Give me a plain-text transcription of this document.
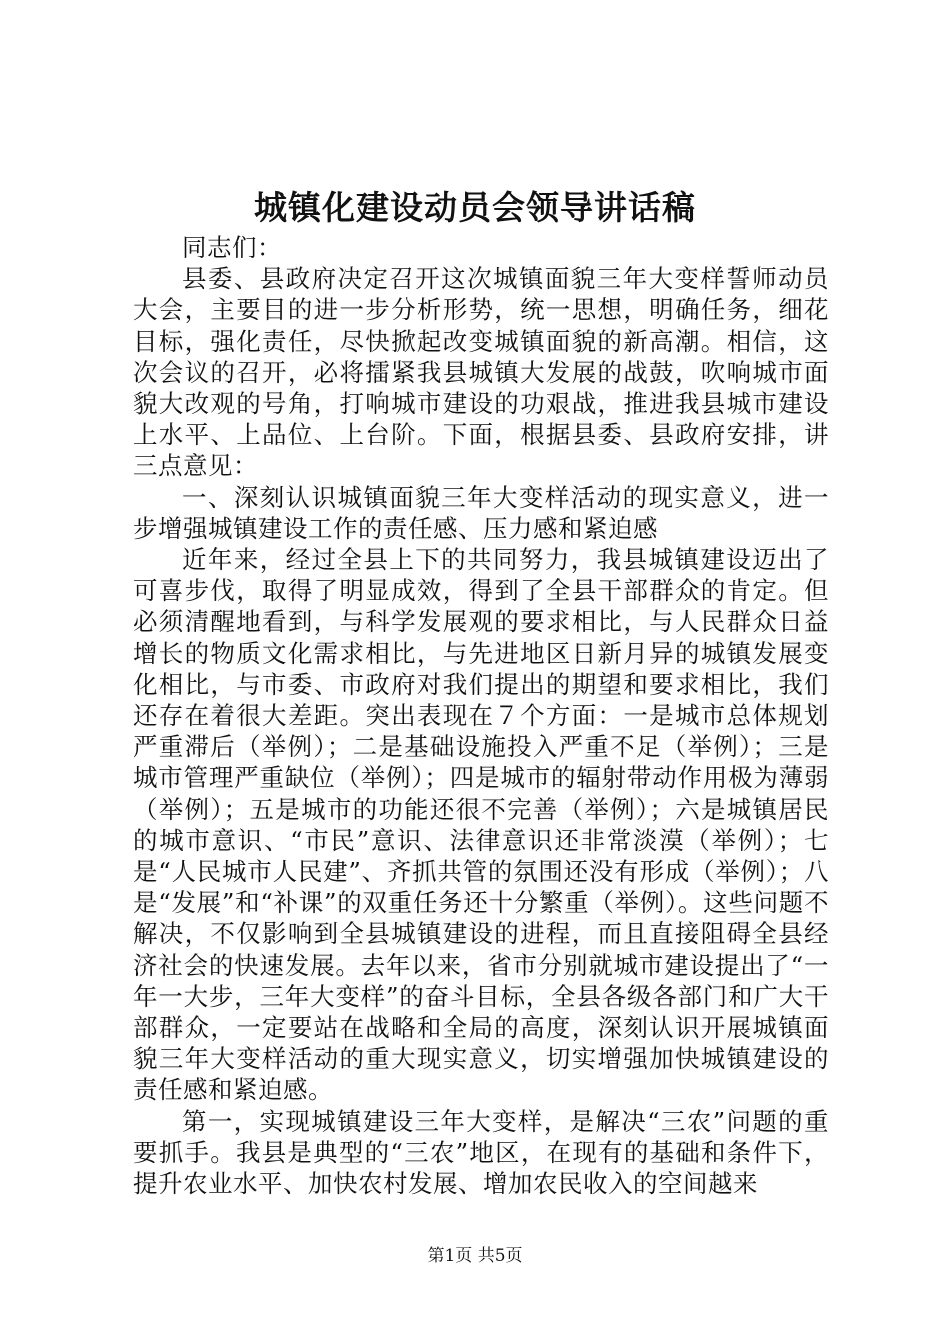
城镇化建设动员会领导讲话稿

同志们：

县委、县政府决定召开这次城镇面貌三年大变样誓师动员大会，主要目的进一步分析形势，统一思想，明确任务，细花目标，强化责任，尽快掀起改变城镇面貌的新高潮。相信，这次会议的召开，必将擂紧我县城镇大发展的战鼓，吹响城市面貌大改观的号角，打响城市建设的功艰战，推进我县城市建设上水平、上品位、上台阶。下面，根据县委、县政府安排，讲三点意见：

一、深刻认识城镇面貌三年大变样活动的现实意义，进一步增强城镇建设工作的责任感、压力感和紧迫感

近年来，经过全县上下的共同努力，我县城镇建设迈出了可喜步伐，取得了明显成效，得到了全县干部群众的肯定。但必须清醒地看到，与科学发展观的要求相比，与人民群众日益增长的物质文化需求相比，与先进地区日新月异的城镇发展变化相比，与市委、市政府对我们提出的期望和要求相比，我们还存在着很大差距。突出表现在７个方面：一是城市总体规划严重滞后（举例）；二是基础设施投入严重不足（举例）；三是城市管理严重缺位（举例）；四是城市的辐射带动作用极为薄弱（举例）；五是城市的功能还很不完善（举例）；六是城镇居民的城市意识、“市民”意识、法律意识还非常淡漠（举例）；七是“人民城市人民建”、齐抓共管的氛围还没有形成（举例）；八是“发展”和“补课”的双重任务还十分繁重（举例）。这些问题不解决，不仅影响到全县城镇建设的进程，而且直接阻碍全县经济社会的快速发展。去年以来，省市分别就城市建设提出了“一年一大步，三年大变样”的奋斗目标，全县各级各部门和广大干部群众，一定要站在战略和全局的高度，深刻认识开展城镇面貌三年大变样活动的重大现实意义，切实增强加快城镇建设的责任感和紧迫感。

第一，实现城镇建设三年大变样，是解决“三农”问题的重要抓手。我县是典型的“三农”地区，在现有的基础和条件下，提升农业水平、加快农村发展、增加农民收入的空间越来

第1页 共5页
